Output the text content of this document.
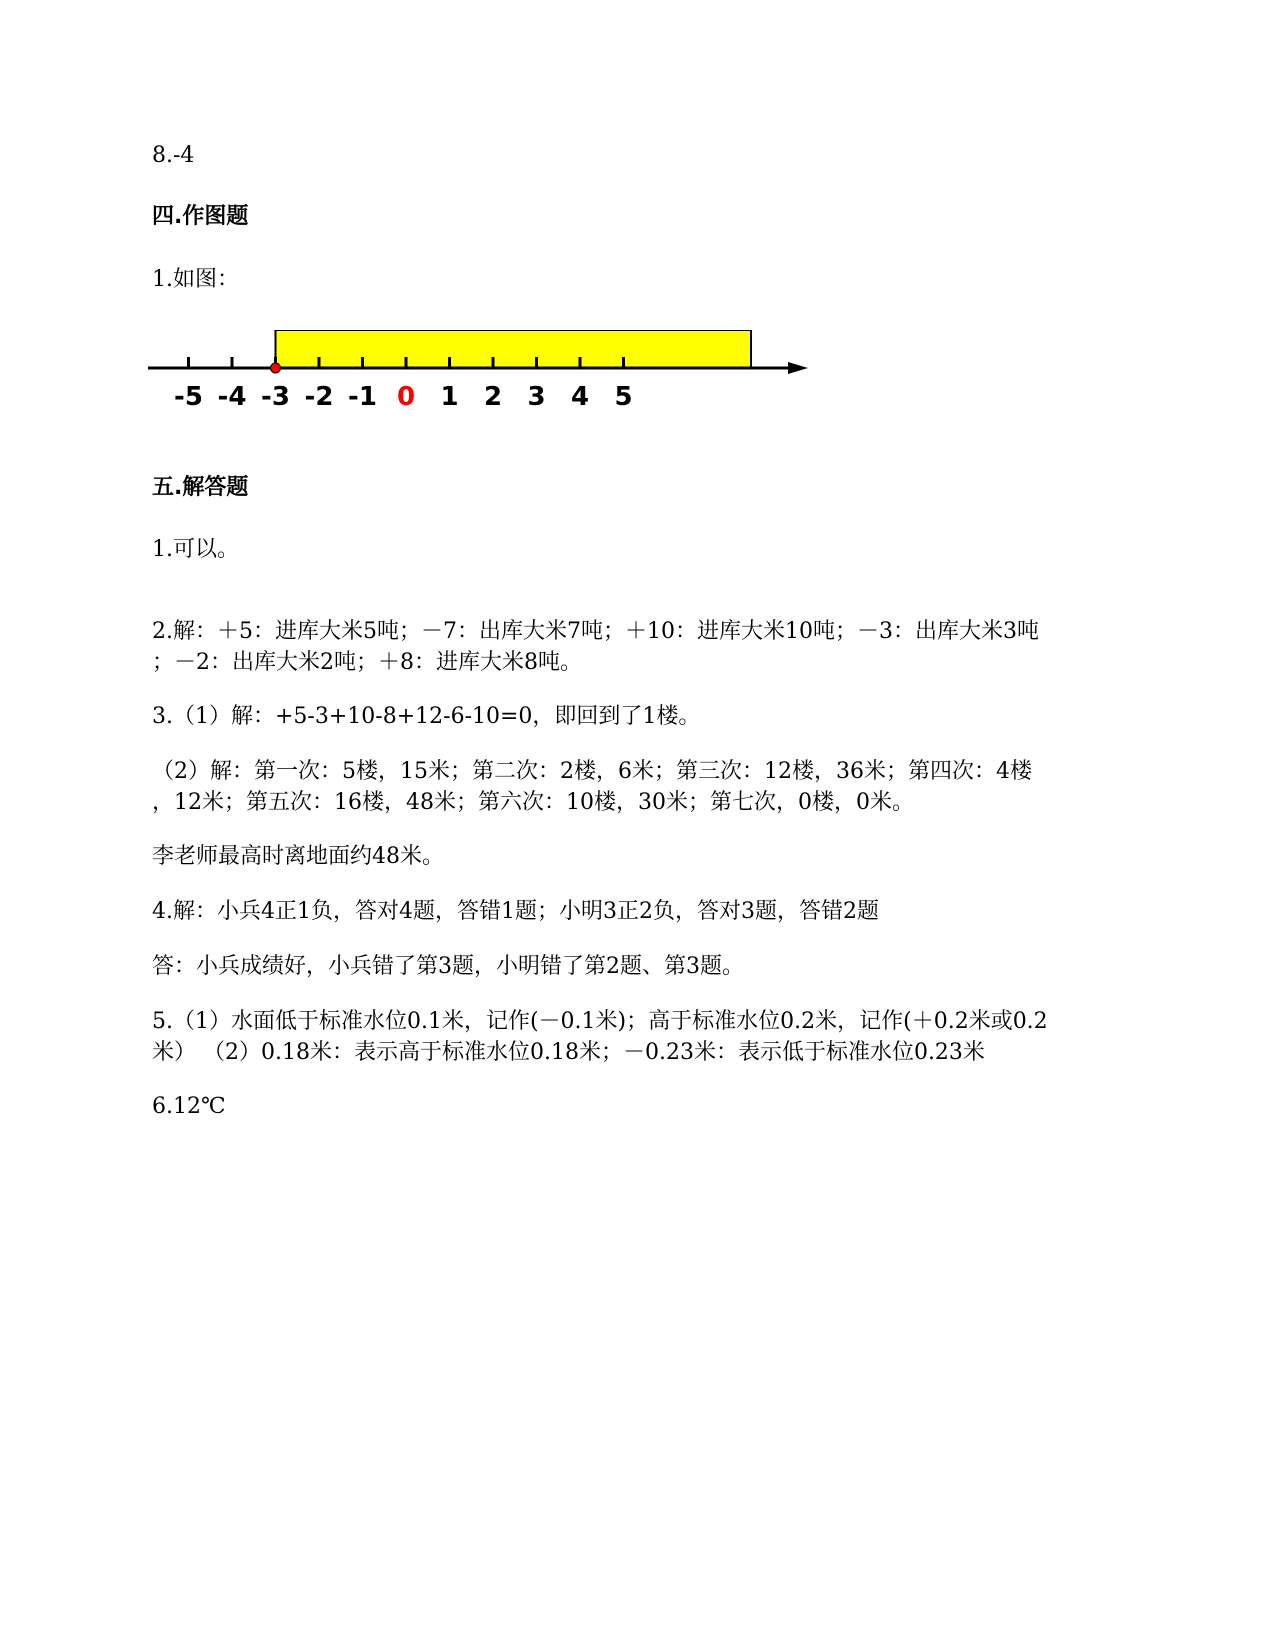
8.-4
四.作图题
1.如图：
-5 -4 -3 -2 -1 0 1 2 3 4 5
五.解答题
1.可以。
2.解：＋5：进库大米5吨；－7：出库大米7吨；＋10：进库大米10吨；－3：出库大米3吨
；－2：出库大米2吨；＋8：进库大米8吨。
3.（1）解：+5-3+10-8+12-6-10=0，即回到了1楼。
（2）解：第一次：5楼，15米；第二次：2楼，6米；第三次：12楼，36米；第四次：4楼
，12米；第五次：16楼，48米；第六次：10楼，30米；第七次，0楼，0米。
李老师最高时离地面约48米。
4.解：小兵4正1负，答对4题，答错1题；小明3正2负，答对3题，答错2题
答：小兵成绩好，小兵错了第3题，小明错了第2题、第3题。
5.（1）水面低于标准水位0.1米，记作(－0.1米)；高于标准水位0.2米，记作(＋0.2米或0.2
米） （2）0.18米：表示高于标准水位0.18米；－0.23米：表示低于标准水位0.23米
6.12℃
